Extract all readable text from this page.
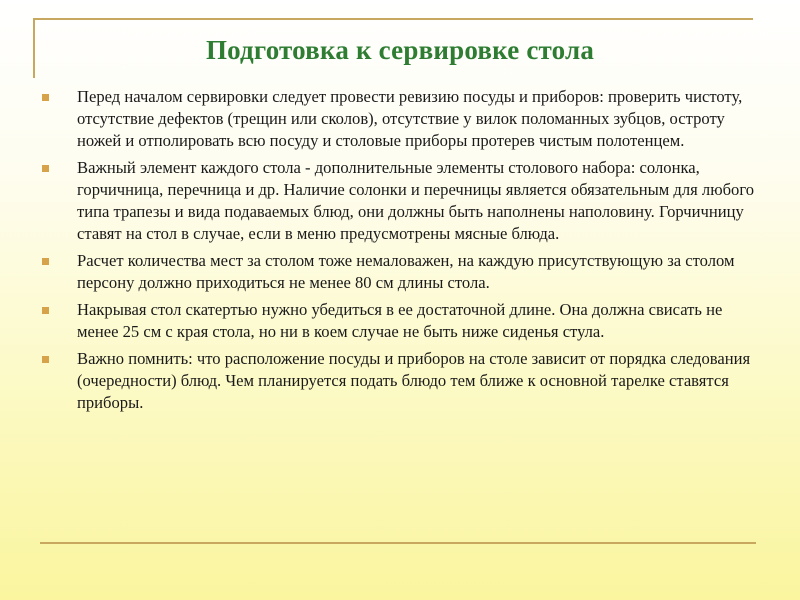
Подготовка к сервировке стола
Перед началом сервировки следует провести ревизию посуды и приборов: проверить чистоту, отсутствие дефектов (трещин или сколов), отсутствие у вилок поломанных зубцов, остроту ножей и отполировать всю посуду и столовые приборы протерев чистым полотенцем.
Важный элемент каждого стола - дополнительные элементы столового набора: солонка, горчичница, перечница и др. Наличие солонки и перечницы является обязательным для любого типа трапезы и вида подаваемых блюд, они должны быть наполнены наполовину. Горчичницу ставят на стол в случае, если в меню предусмотрены мясные блюда.
Расчет количества мест за столом тоже немаловажен, на каждую присутствующую за столом персону должно приходиться не менее 80 см длины стола.
Накрывая стол скатертью нужно убедиться в ее достаточной длине. Она должна свисать не менее 25 см с края стола, но ни в коем случае не быть ниже сиденья стула.
Важно помнить: что расположение посуды и приборов на столе зависит от порядка следования (очередности) блюд. Чем планируется подать блюдо тем ближе к основной тарелке ставятся приборы.
